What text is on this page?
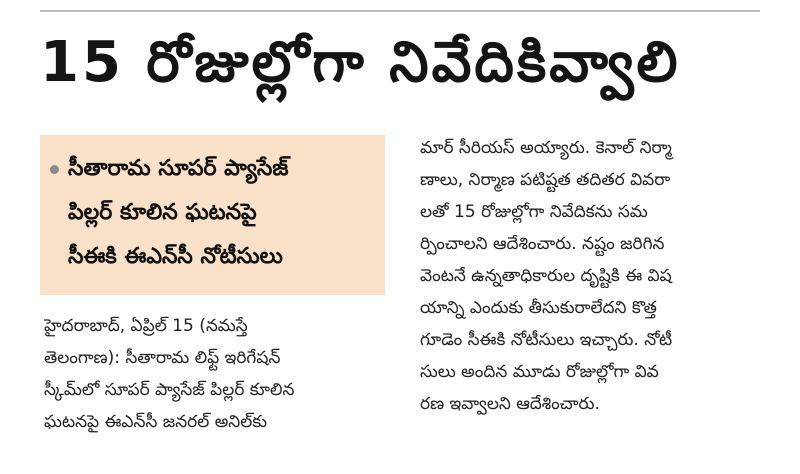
15 రోజుల్లోగా నివేదికివ్వాలి
సీతారామ సూపర్ ప్యాసేజ్
పిల్లర్ కూలిన ఘటనపై
సీఈకి ఈఎన్‌సీ నోటీసులు
హైదరాబాద్, ఏప్రిల్ 15 (నమస్తే
తెలంగాణ): సీతారామ లిఫ్ట్ ఇరిగేషన్
స్కీమ్‌లో సూపర్ ప్యాసేజ్ పిల్లర్ కూలిన
ఘటనపై ఈఎన్‌సీ జనరల్ అనిల్‌కు
మార్ సీరియస్ అయ్యారు. కెనాల్ నిర్మా
ణాలు, నిర్మాణ పటిష్టత తదితర వివరా
లతో 15 రోజుల్లోగా నివేదికను సమ
ర్పించాలని ఆదేశించారు. నష్టం జరిగిన
వెంటనే ఉన్నతాధికారుల దృష్టికి ఈ విష
యాన్ని ఎందుకు తీసుకురాలేదని కొత్త
గూడెం సీఈకి నోటీసులు ఇచ్చారు. నోటీ
సులు అందిన మూడు రోజుల్లోగా వివ
రణ ఇవ్వాలని ఆదేశించారు.
